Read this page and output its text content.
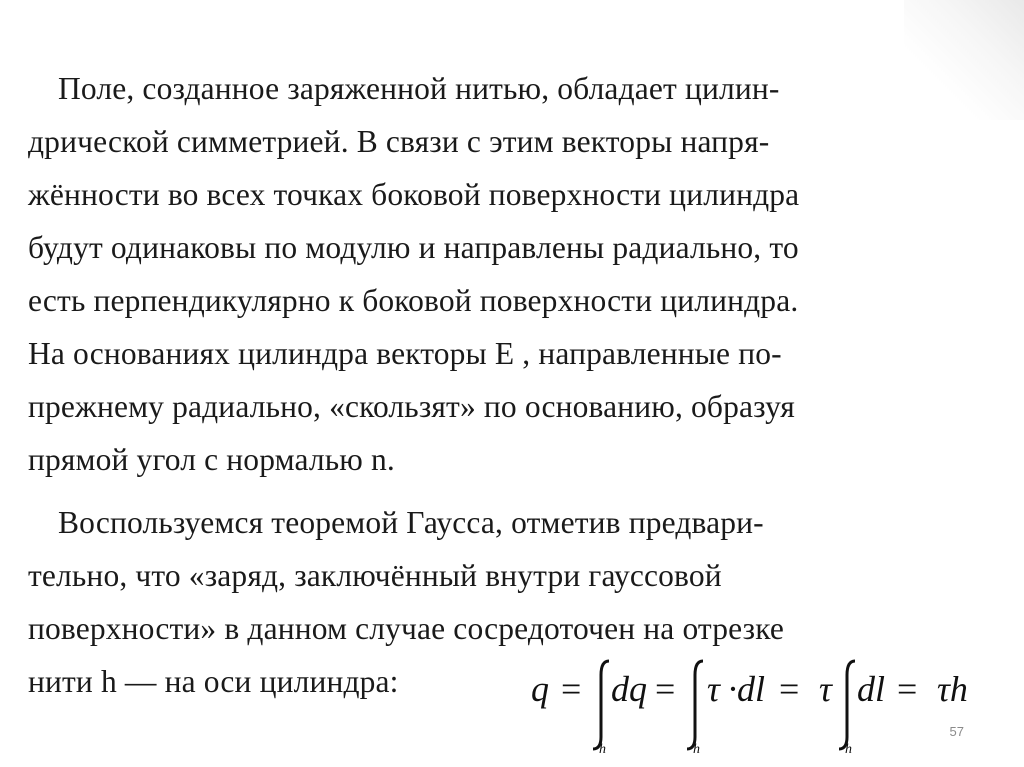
Поле, созданное заряженной нитью, обладает цилин-
дрической симметрией. В связи с этим векторы напря-
жённости во всех точках боковой поверхности цилиндра
будут одинаковы по модулю и направлены радиально, то
есть перпендикулярно к боковой поверхности цилиндра.
На основаниях цилиндра векторы Е , направленные по-
прежнему радиально, «скользят» по основанию, образуя
прямой угол с нормалью n.
Воспользуемся теоремой Гаусса, отметив предвари-
тельно, что «заряд, заключённый внутри гауссовой
поверхности» в данном случае сосредоточен на отрезке
нити h — на оси цилиндра:	q = dq
h
= τ ·
dl
h
= τ dl
h
= τh
57
